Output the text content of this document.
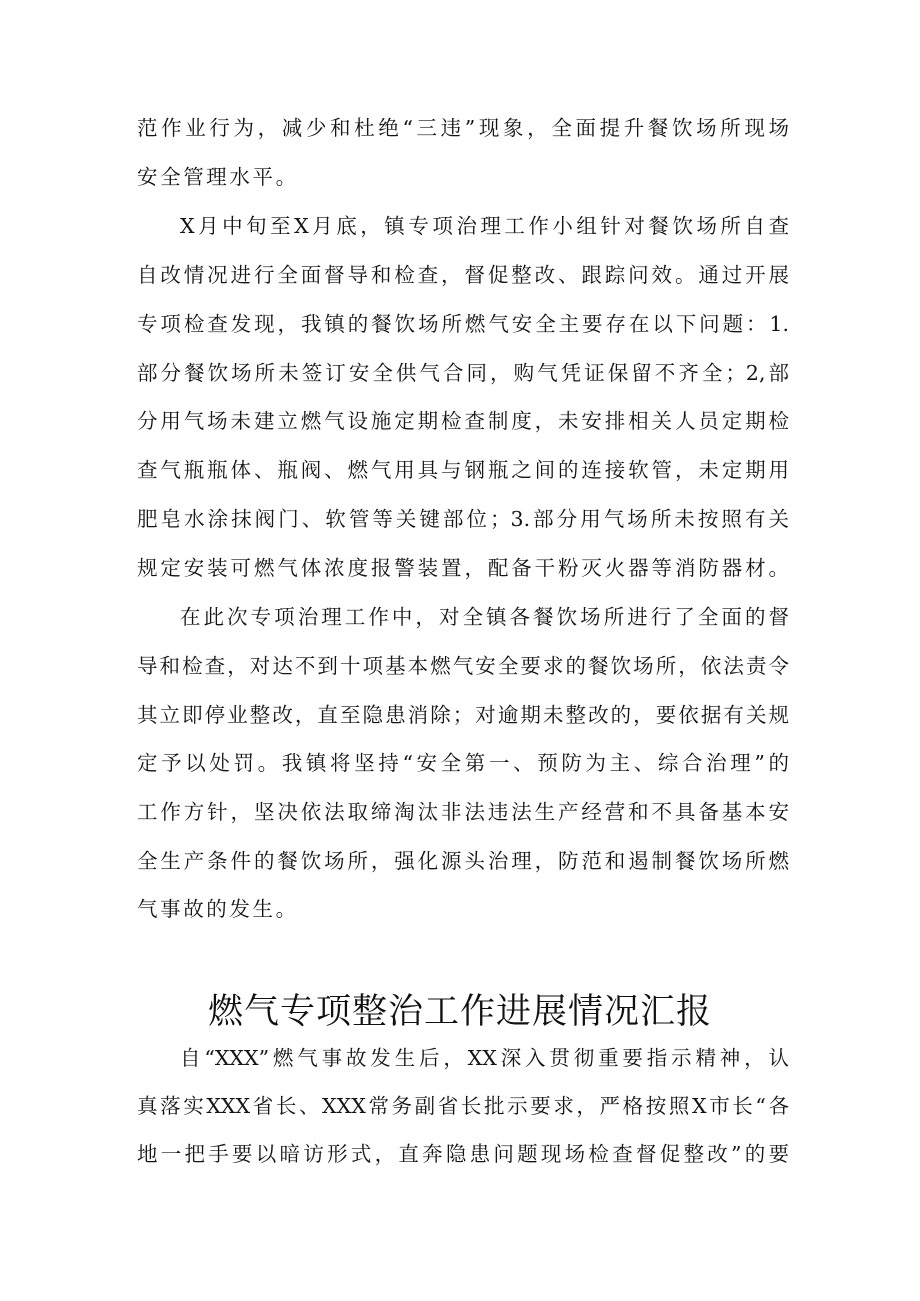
范作业行为，减少和杜绝“三违”现象，全面提升餐饮场所现场
安全管理水平。
X月中旬至X月底，镇专项治理工作小组针对餐饮场所自查
自改情况进行全面督导和检查，督促整改、跟踪问效。通过开展
专项检查发现，我镇的餐饮场所燃气安全主要存在以下问题：1.
部分餐饮场所未签订安全供气合同，购气凭证保留不齐全；2,部
分用气场未建立燃气设施定期检查制度，未安排相关人员定期检
查气瓶瓶体、瓶阀、燃气用具与钢瓶之间的连接软管，未定期用
肥皂水涂抹阀门、软管等关键部位；3.部分用气场所未按照有关
规定安装可燃气体浓度报警装置，配备干粉灭火器等消防器材。
在此次专项治理工作中，对全镇各餐饮场所进行了全面的督
导和检查，对达不到十项基本燃气安全要求的餐饮场所，依法责令
其立即停业整改，直至隐患消除；对逾期未整改的，要依据有关规
定予以处罚。我镇将坚持“安全第一、预防为主、综合治理”的
工作方针，坚决依法取缔淘汰非法违法生产经营和不具备基本安
全生产条件的餐饮场所，强化源头治理，防范和遏制餐饮场所燃
气事故的发生。
燃气专项整治工作进展情况汇报
自“XXX”燃气事故发生后，XX深入贯彻重要指示精神，认
真落实XXX省长、XXX常务副省长批示要求，严格按照X市长“各
地一把手要以暗访形式，直奔隐患问题现场检查督促整改”的要
